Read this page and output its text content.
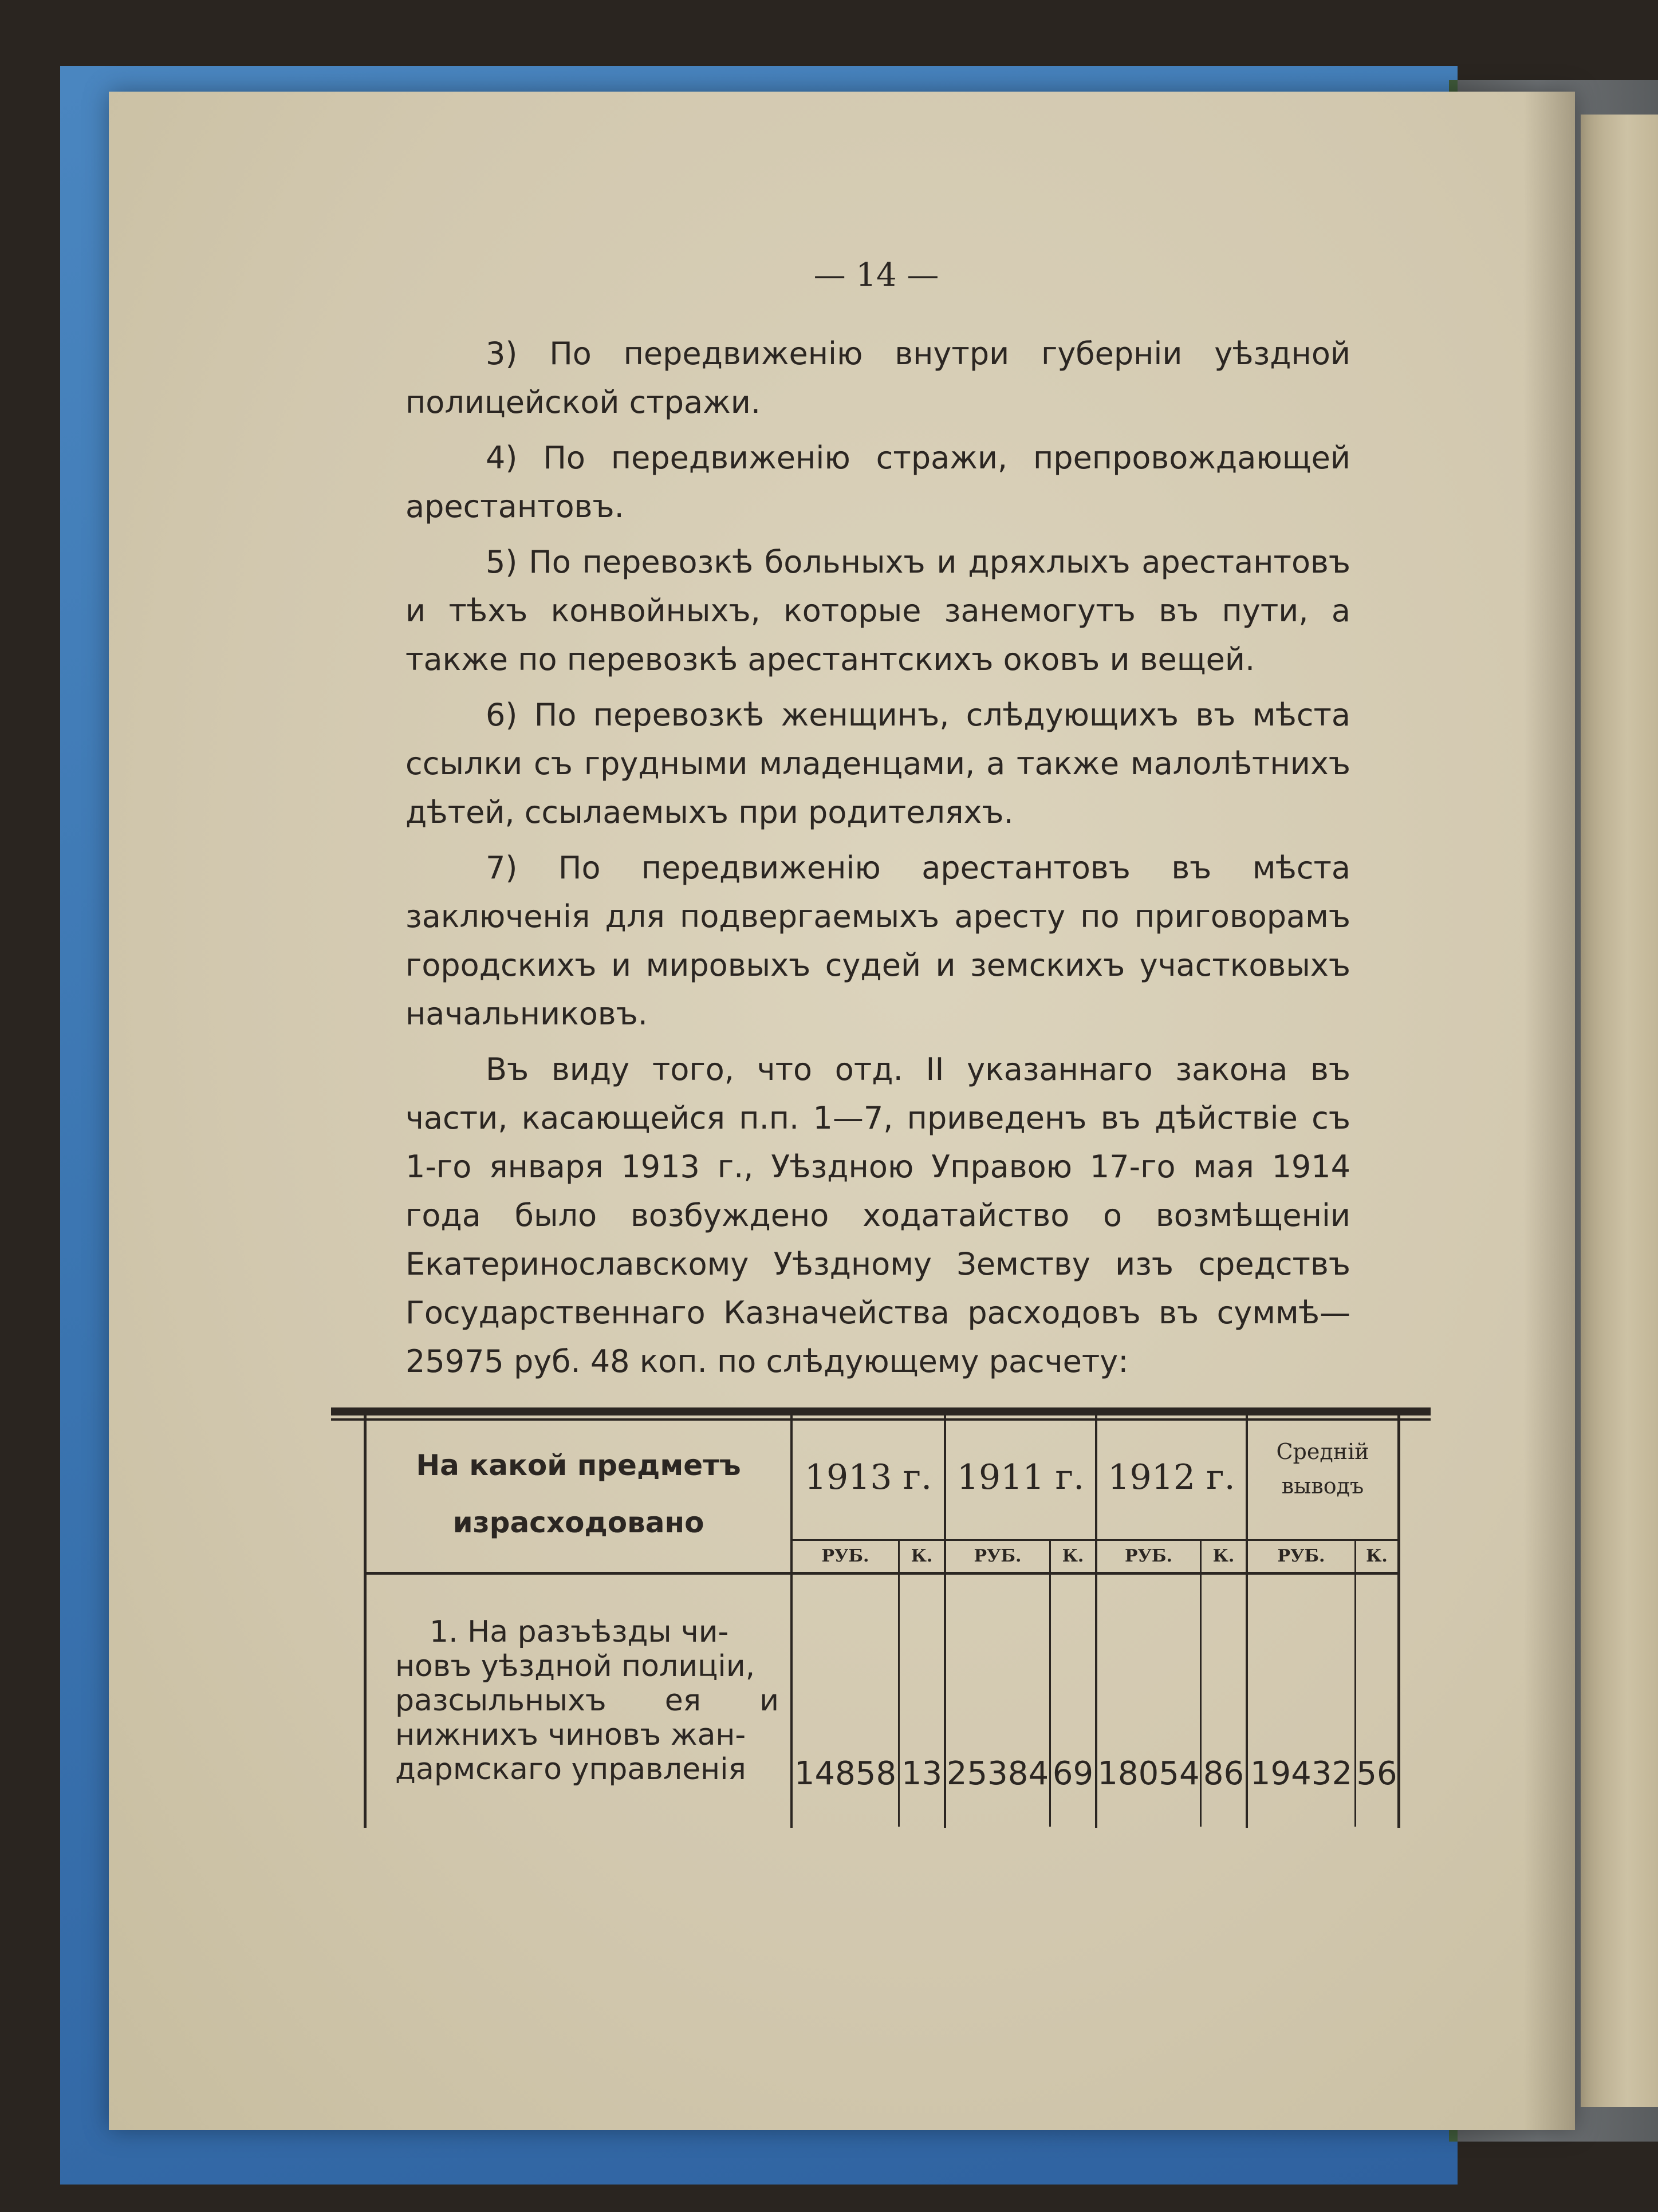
— 14 —

3) По передвиженію внутри губерніи уѣздной полицейской стражи.

4) По передвиженію стражи, препровождающей арестантовъ.

5) По перевозкѣ больныхъ и дряхлыхъ арестантовъ и тѣхъ конвойныхъ, которые занемогутъ въ пути, а также по перевозкѣ арестантскихъ оковъ и вещей.

6) По перевозкѣ женщинъ, слѣдующихъ въ мѣста ссылки съ грудными младенцами, а также малолѣтнихъ дѣтей, ссылаемыхъ при родителяхъ.

7) По передвиженію арестантовъ въ мѣста заключенія для подвергаемыхъ аресту по приговорамъ городскихъ и мировыхъ судей и земскихъ участковыхъ начальниковъ.

Въ виду того, что отд. II указаннаго закона въ части, касающейся п.п. 1—7, приведенъ въ дѣйствіе съ 1-го января 1913 г., Уѣздною Управою 17-го мая 1914 года было возбуждено ходатайство о возмѣщеніи Екатеринославскому Уѣздному Земству изъ средствъ Государственнаго Казначейства расходовъ въ суммѣ—25975 руб. 48 коп. по слѣдующему расчету:

На какой предметъ
израсходовано
1913 г. 1911 г. 1912 г.
Среднiй
выводъ
РУБ.	К.	РУБ.	К.	РУБ.	К.	РУБ.	К.
1. На разъѣзды чи-
новъ уѣздной полиціи,
разсыльныхъ ея и
нижнихъ чиновъ жан-
дармскаго управленія	14858 13 25384 69 18054 86 19432 56
